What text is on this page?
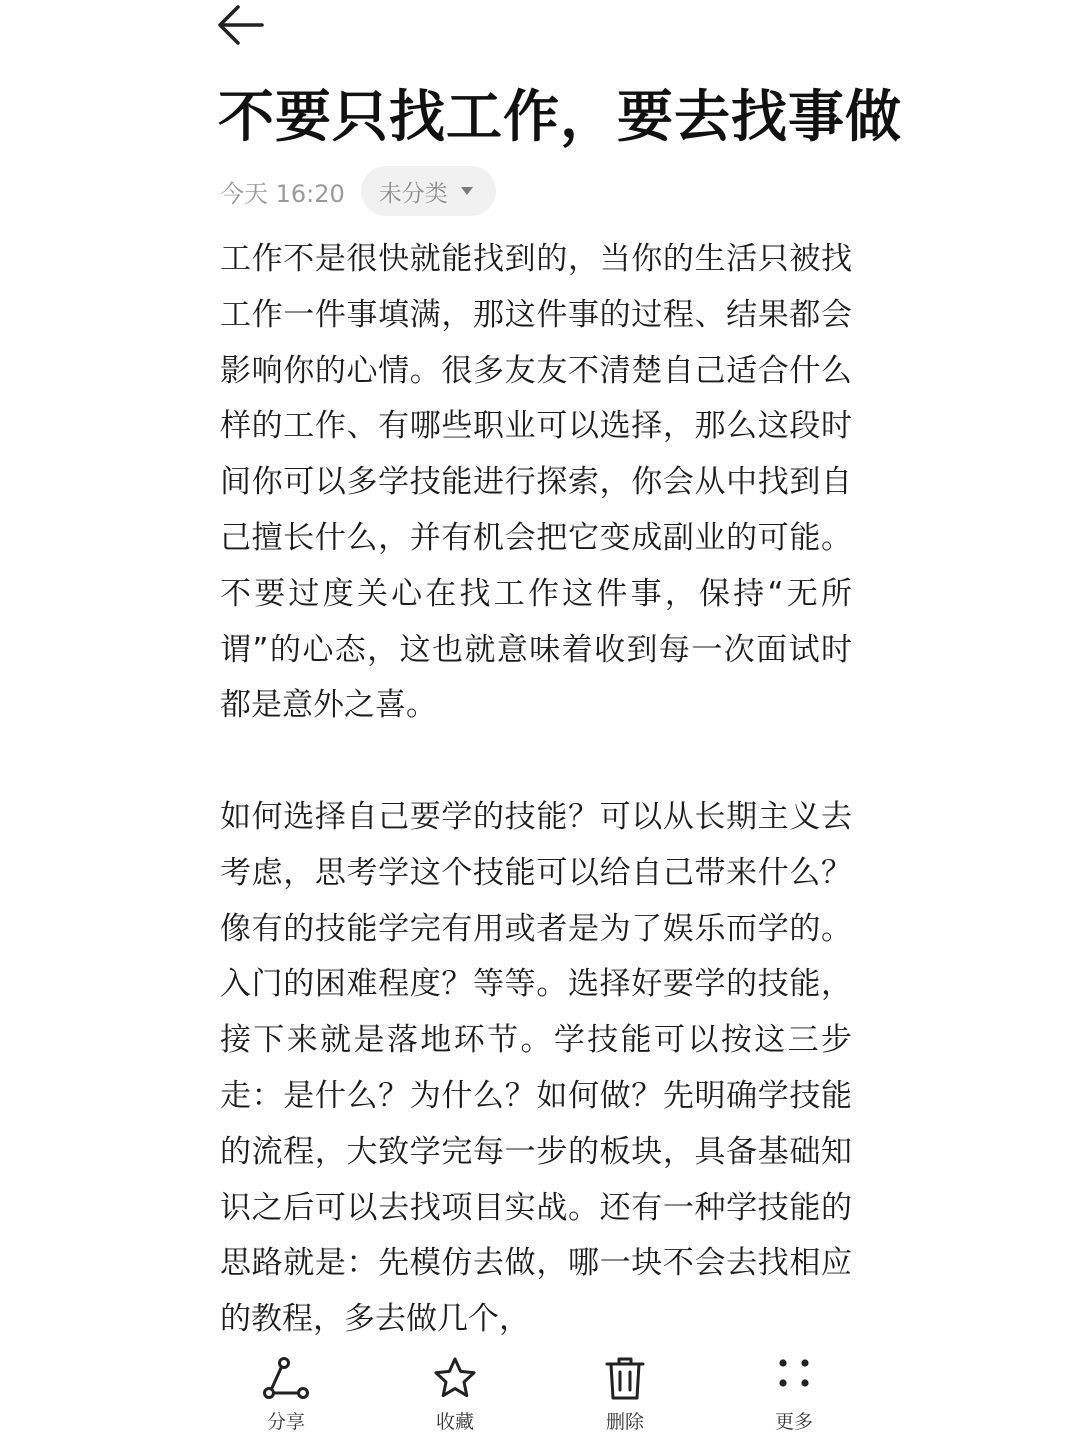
不要只找工作，要去找事做
今天 16:20 未分类

工作不是很快就能找到的，当你的生活只被找工作一件事填满，那这件事的过程、结果都会影响你的心情。很多友友不清楚自己适合什么样的工作、有哪些职业可以选择，那么这段时间你可以多学技能进行探索，你会从中找到自己擅长什么，并有机会把它变成副业的可能。不要过度关心在找工作这件事，保持“无所谓”的心态，这也就意味着收到每一次面试时都是意外之喜。

如何选择自己要学的技能？可以从长期主义去考虑，思考学这个技能可以给自己带来什么？像有的技能学完有用或者是为了娱乐而学的。入门的困难程度？等等。选择好要学的技能，接下来就是落地环节。学技能可以按这三步走：是什么？为什么？如何做？先明确学技能的流程，大致学完每一步的板块，具备基础知识之后可以去找项目实战。还有一种学技能的思路就是：先模仿去做，哪一块不会去找相应的教程，多去做几个，

分享	收藏	删除	更多
